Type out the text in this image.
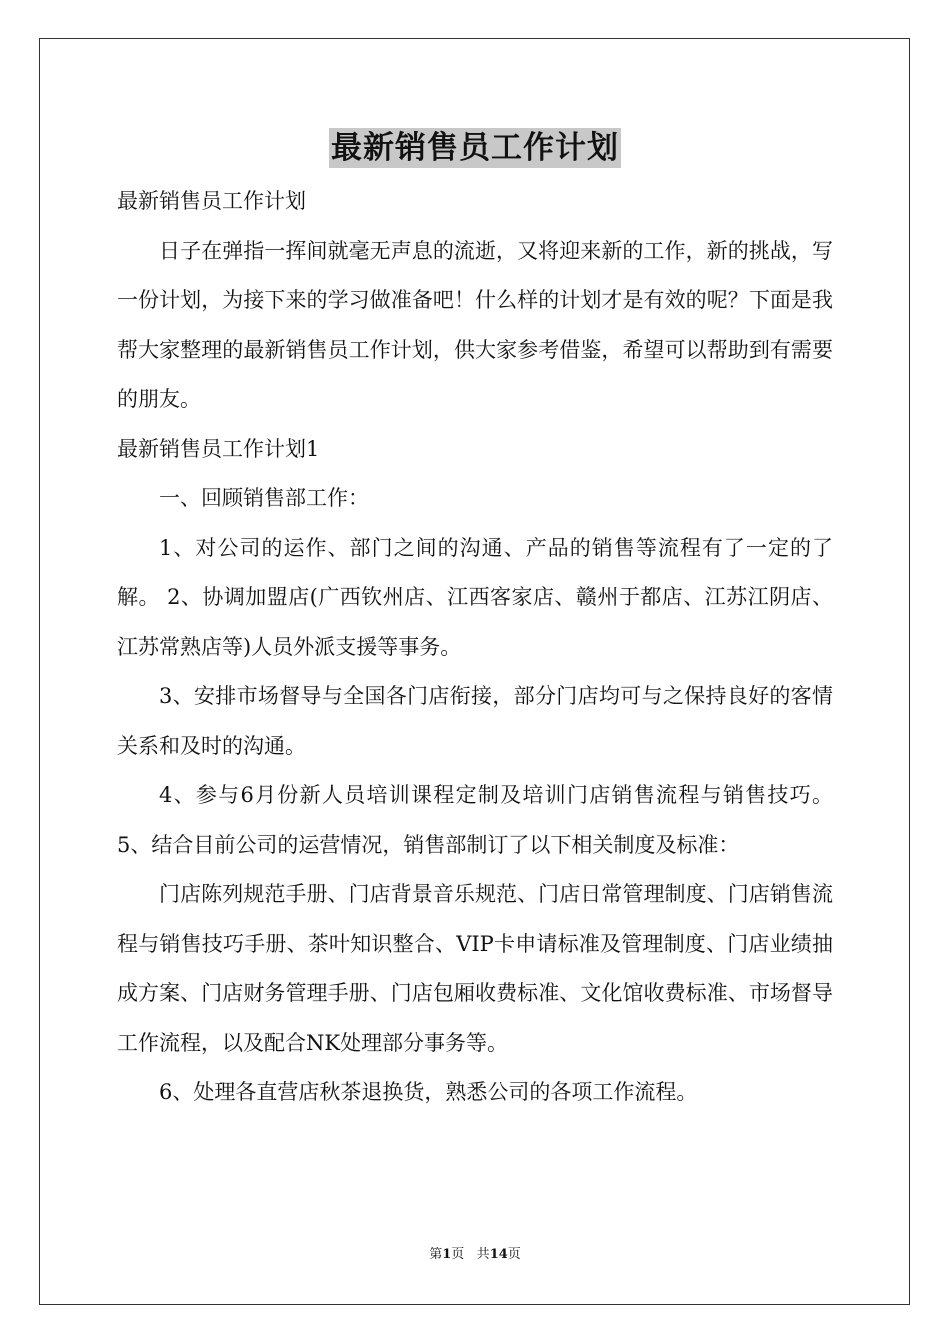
最新销售员工作计划

最新销售员工作计划

日子在弹指一挥间就毫无声息的流逝，又将迎来新的工作，新的挑战，写一份计划，为接下来的学习做准备吧！什么样的计划才是有效的呢？下面是我帮大家整理的最新销售员工作计划，供大家参考借鉴，希望可以帮助到有需要的朋友。

最新销售员工作计划1

一、回顾销售部工作：

1、对公司的运作、部门之间的沟通、产品的销售等流程有了一定的了解。 2、协调加盟店(广西钦州店、江西客家店、赣州于都店、江苏江阴店、江苏常熟店等)人员外派支援等事务。

3、安排市场督导与全国各门店衔接，部分门店均可与之保持良好的客情关系和及时的沟通。

4、参与6月份新人员培训课程定制及培训门店销售流程与销售技巧。 5、结合目前公司的运营情况，销售部制订了以下相关制度及标准：

门店陈列规范手册、门店背景音乐规范、门店日常管理制度、门店销售流程与销售技巧手册、茶叶知识整合、VIP卡申请标准及管理制度、门店业绩抽成方案、门店财务管理手册、门店包厢收费标准、文化馆收费标准、市场督导工作流程，以及配合NK处理部分事务等。

6、处理各直营店秋茶退换货，熟悉公司的各项工作流程。

第1页 共14页
